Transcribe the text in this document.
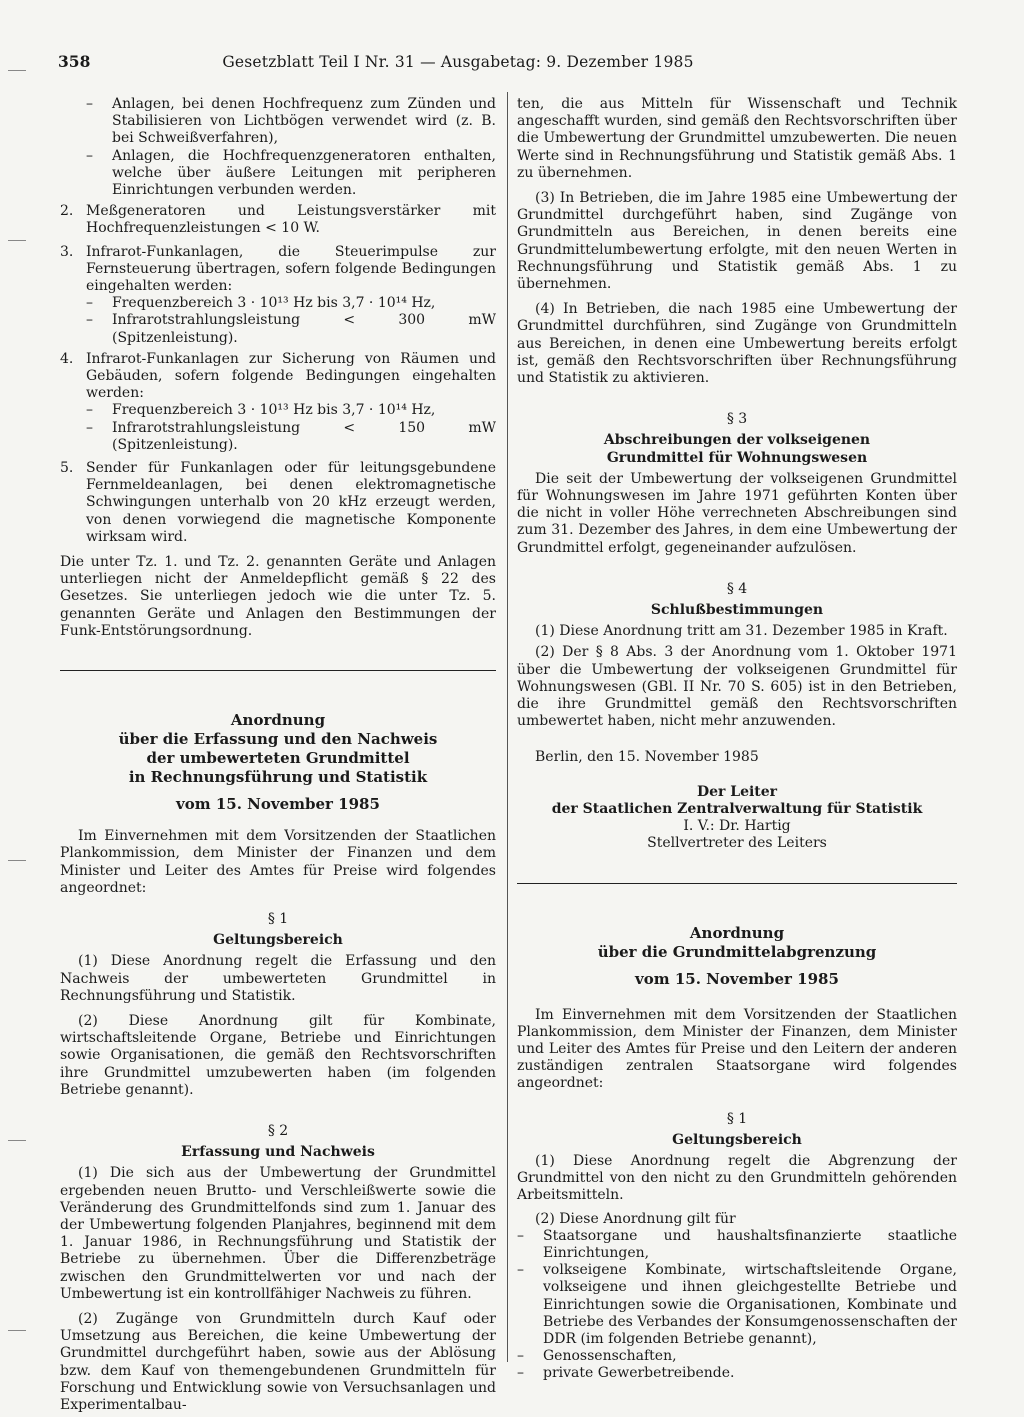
358	Gesetzblatt Teil I Nr. 31 — Ausgabetag: 9. Dezember 1985
–	Anlagen, bei denen Hochfrequenz zum Zünden und Stabilisieren von Lichtbögen verwendet wird (z. B. bei Schweißverfahren),
–	Anlagen, die Hochfrequenzgeneratoren enthalten, welche über äußere Leitungen mit peripheren Einrichtungen verbunden werden.
2. Meßgeneratoren und Leistungsverstärker mit Hochfrequenzleistungen < 10 W.
3. Infrarot-Funkanlagen, die Steuerimpulse zur Fernsteuerung übertragen, sofern folgende Bedingungen eingehalten werden:
–	Frequenzbereich 3 · 10¹³ Hz bis 3,7 · 10¹⁴ Hz,
–	Infrarotstrahlungsleistung < 300 mW (Spitzenleistung).
4. Infrarot-Funkanlagen zur Sicherung von Räumen und Gebäuden, sofern folgende Bedingungen eingehalten werden:
–	Frequenzbereich 3 · 10¹³ Hz bis 3,7 · 10¹⁴ Hz,
–	Infrarotstrahlungsleistung < 150 mW (Spitzenleistung).
5. Sender für Funkanlagen oder für leitungsgebundene Fernmeldeanlagen, bei denen elektromagnetische Schwingungen unterhalb von 20 kHz erzeugt werden, von denen vorwiegend die magnetische Komponente wirksam wird.

Die unter Tz. 1. und Tz. 2. genannten Geräte und Anlagen unterliegen nicht der Anmeldepflicht gemäß § 22 des Gesetzes. Sie unterliegen jedoch wie die unter Tz. 5. genannten Geräte und Anlagen den Bestimmungen der Funk-Entstörungsordnung.

Anordnung
über die Erfassung und den Nachweis
der umbewerteten Grundmittel
in Rechnungsführung und Statistik
vom 15. November 1985

Im Einvernehmen mit dem Vorsitzenden der Staatlichen Plankommission, dem Minister der Finanzen und dem Minister und Leiter des Amtes für Preise wird folgendes angeordnet:

§ 1
Geltungsbereich

(1) Diese Anordnung regelt die Erfassung und den Nachweis der umbewerteten Grundmittel in Rechnungsführung und Statistik.

(2) Diese Anordnung gilt für Kombinate, wirtschaftsleitende Organe, Betriebe und Einrichtungen sowie Organisationen, die gemäß den Rechtsvorschriften ihre Grundmittel umzubewerten haben (im folgenden Betriebe genannt).

§ 2
Erfassung und Nachweis

(1) Die sich aus der Umbewertung der Grundmittel ergebenden neuen Brutto- und Verschleißwerte sowie die Veränderung des Grundmittelfonds sind zum 1. Januar des der Umbewertung folgenden Planjahres, beginnend mit dem 1. Januar 1986, in Rechnungsführung und Statistik der Betriebe zu übernehmen. Über die Differenzbeträge zwischen den Grundmittelwerten vor und nach der Umbewertung ist ein kontrollfähiger Nachweis zu führen.

(2) Zugänge von Grundmitteln durch Kauf oder Umsetzung aus Bereichen, die keine Umbewertung der Grundmittel durchgeführt haben, sowie aus der Ablösung bzw. dem Kauf von themengebundenen Grundmitteln für Forschung und Entwicklung sowie von Versuchsanlagen und Experimentalbau-

ten, die aus Mitteln für Wissenschaft und Technik angeschafft wurden, sind gemäß den Rechtsvorschriften über die Umbewertung der Grundmittel umzubewerten. Die neuen Werte sind in Rechnungsführung und Statistik gemäß Abs. 1 zu übernehmen.

(3) In Betrieben, die im Jahre 1985 eine Umbewertung der Grundmittel durchgeführt haben, sind Zugänge von Grundmitteln aus Bereichen, in denen bereits eine Grundmittelumbewertung erfolgte, mit den neuen Werten in Rechnungsführung und Statistik gemäß Abs. 1 zu übernehmen.

(4) In Betrieben, die nach 1985 eine Umbewertung der Grundmittel durchführen, sind Zugänge von Grundmitteln aus Bereichen, in denen eine Umbewertung bereits erfolgt ist, gemäß den Rechtsvorschriften über Rechnungsführung und Statistik zu aktivieren.

§ 3
Abschreibungen der volkseigenen
Grundmittel für Wohnungswesen

Die seit der Umbewertung der volkseigenen Grundmittel für Wohnungswesen im Jahre 1971 geführten Konten über die nicht in voller Höhe verrechneten Abschreibungen sind zum 31. Dezember des Jahres, in dem eine Umbewertung der Grundmittel erfolgt, gegeneinander aufzulösen.

§ 4
Schlußbestimmungen

(1) Diese Anordnung tritt am 31. Dezember 1985 in Kraft.

(2) Der § 8 Abs. 3 der Anordnung vom 1. Oktober 1971 über die Umbewertung der volkseigenen Grundmittel für Wohnungswesen (GBl. II Nr. 70 S. 605) ist in den Betrieben, die ihre Grundmittel gemäß den Rechtsvorschriften umbewertet haben, nicht mehr anzuwenden.

Berlin, den 15. November 1985

Der Leiter
der Staatlichen Zentralverwaltung für Statistik
I. V.: Dr. Hartig
Stellvertreter des Leiters
Anordnung
über die Grundmittelabgrenzung
vom 15. November 1985

Im Einvernehmen mit dem Vorsitzenden der Staatlichen Plankommission, dem Minister der Finanzen, dem Minister und Leiter des Amtes für Preise und den Leitern der anderen zuständigen zentralen Staatsorgane wird folgendes angeordnet:

§ 1
Geltungsbereich

(1) Diese Anordnung regelt die Abgrenzung der Grundmittel von den nicht zu den Grundmitteln gehörenden Arbeitsmitteln.

(2) Diese Anordnung gilt für

–	Staatsorgane und haushaltsfinanzierte staatliche Einrichtungen,
–	volkseigene Kombinate, wirtschaftsleitende Organe, volkseigene und ihnen gleichgestellte Betriebe und Einrichtungen sowie die Organisationen, Kombinate und Betriebe des Verbandes der Konsumgenossenschaften der DDR (im folgenden Betriebe genannt),
–	Genossenschaften,
–	private Gewerbetreibende.
